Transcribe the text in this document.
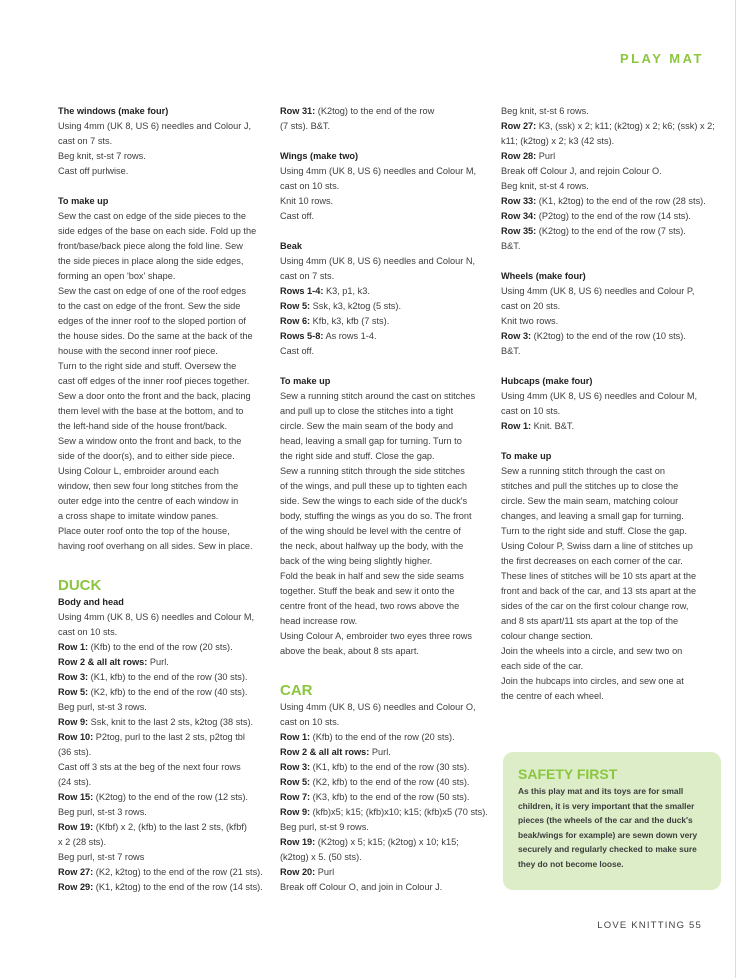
PLAY MAT

The windows (make four)

Using 4mm (UK 8, US 6) needles and Colour J,

cast on 7 sts.

Beg knit, st-st 7 rows.

Cast off purlwise.

To make up

Sew the cast on edge of the side pieces to the

side edges of the base on each side. Fold up the

front/base/back piece along the fold line. Sew

the side pieces in place along the side edges,

forming an open 'box' shape.

Sew the cast on edge of one of the roof edges

to the cast on edge of the front. Sew the side

edges of the inner roof to the sloped portion of

the house sides. Do the same at the back of the

house with the second inner roof piece.

Turn to the right side and stuff. Oversew the

cast off edges of the inner roof pieces together.

Sew a door onto the front and the back, placing

them level with the base at the bottom, and to

the left-hand side of the house front/back.

Sew a window onto the front and back, to the

side of the door(s), and to either side piece.

Using Colour L, embroider around each

window, then sew four long stitches from the

outer edge into the centre of each window in

a cross shape to imitate window panes.

Place outer roof onto the top of the house,

having roof overhang on all sides. Sew in place.

DUCK

Body and head

Using 4mm (UK 8, US 6) needles and Colour M,

cast on 10 sts.

Row 1: (Kfb) to the end of the row (20 sts).

Row 2 & all alt rows: Purl.

Row 3: (K1, kfb) to the end of the row (30 sts).

Row 5: (K2, kfb) to the end of the row (40 sts).

Beg purl, st-st 3 rows.

Row 9: Ssk, knit to the last 2 sts, k2tog (38 sts).

Row 10: P2tog, purl to the last 2 sts, p2tog tbl

(36 sts).

Cast off 3 sts at the beg of the next four rows

(24 sts).

Row 15: (K2tog) to the end of the row (12 sts).

Beg purl, st-st 3 rows.

Row 19: (Kfbf) x 2, (kfb) to the last 2 sts, (kfbf)

x 2 (28 sts).

Beg purl, st-st 7 rows

Row 27: (K2, k2tog) to the end of the row (21 sts).

Row 29: (K1, k2tog) to the end of the row (14 sts).

Row 31: (K2tog) to the end of the row

(7 sts). B&T.

Wings (make two)

Using 4mm (UK 8, US 6) needles and Colour M,

cast on 10 sts.

Knit 10 rows.

Cast off.

Beak

Using 4mm (UK 8, US 6) needles and Colour N,

cast on 7 sts.

Rows 1-4: K3, p1, k3.

Row 5: Ssk, k3, k2tog (5 sts).

Row 6: Kfb, k3, kfb (7 sts).

Rows 5-8: As rows 1-4.

Cast off.

To make up

Sew a running stitch around the cast on stitches

and pull up to close the stitches into a tight

circle. Sew the main seam of the body and

head, leaving a small gap for turning. Turn to

the right side and stuff. Close the gap.

Sew a running stitch through the side stitches

of the wings, and pull these up to tighten each

side. Sew the wings to each side of the duck's

body, stuffing the wings as you do so. The front

of the wing should be level with the centre of

the neck, about halfway up the body, with the

back of the wing being slightly higher.

Fold the beak in half and sew the side seams

together. Stuff the beak and sew it onto the

centre front of the head, two rows above the

head increase row.

Using Colour A, embroider two eyes three rows

above the beak, about 8 sts apart.

CAR

Using 4mm (UK 8, US 6) needles and Colour O,

cast on 10 sts.

Row 1: (Kfb) to the end of the row (20 sts).

Row 2 & all alt rows: Purl.

Row 3: (K1, kfb) to the end of the row (30 sts).

Row 5: (K2, kfb) to the end of the row (40 sts).

Row 7: (K3, kfb) to the end of the row (50 sts).

Row 9: (kfb)x5; k15; (kfb)x10; k15; (kfb)x5 (70 sts).

Beg purl, st-st 9 rows.

Row 19: (K2tog) x 5; k15; (k2tog) x 10; k15;

(k2tog) x 5. (50 sts).

Row 20: Purl

Break off Colour O, and join in Colour J.

Beg knit, st-st 6 rows.

Row 27: K3, (ssk) x 2; k11; (k2tog) x 2; k6; (ssk) x 2;

k11; (k2tog) x 2; k3 (42 sts).

Row 28: Purl

Break off Colour J, and rejoin Colour O.

Beg knit, st-st 4 rows.

Row 33: (K1, k2tog) to the end of the row (28 sts).

Row 34: (P2tog) to the end of the row (14 sts).

Row 35: (K2tog) to the end of the row (7 sts).

B&T.

Wheels (make four)

Using 4mm (UK 8, US 6) needles and Colour P,

cast on 20 sts.

Knit two rows.

Row 3: (K2tog) to the end of the row (10 sts).

B&T.

Hubcaps (make four)

Using 4mm (UK 8, US 6) needles and Colour M,

cast on 10 sts.

Row 1: Knit. B&T.

To make up

Sew a running stitch through the cast on

stitches and pull the stitches up to close the

circle. Sew the main seam, matching colour

changes, and leaving a small gap for turning.

Turn to the right side and stuff. Close the gap.

Using Colour P, Swiss darn a line of stitches up

the first decreases on each corner of the car.

These lines of stitches will be 10 sts apart at the

front and back of the car, and 13 sts apart at the

sides of the car on the first colour change row,

and 8 sts apart/11 sts apart at the top of the

colour change section.

Join the wheels into a circle, and sew two on

each side of the car.

Join the hubcaps into circles, and sew one at

the centre of each wheel.

SAFETY FIRST

As this play mat and its toys are for small

children, it is very important that the smaller

pieces (the wheels of the car and the duck's

beak/wings for example) are sewn down very

securely and regularly checked to make sure

they do not become loose.

LOVE KNITTING 55
